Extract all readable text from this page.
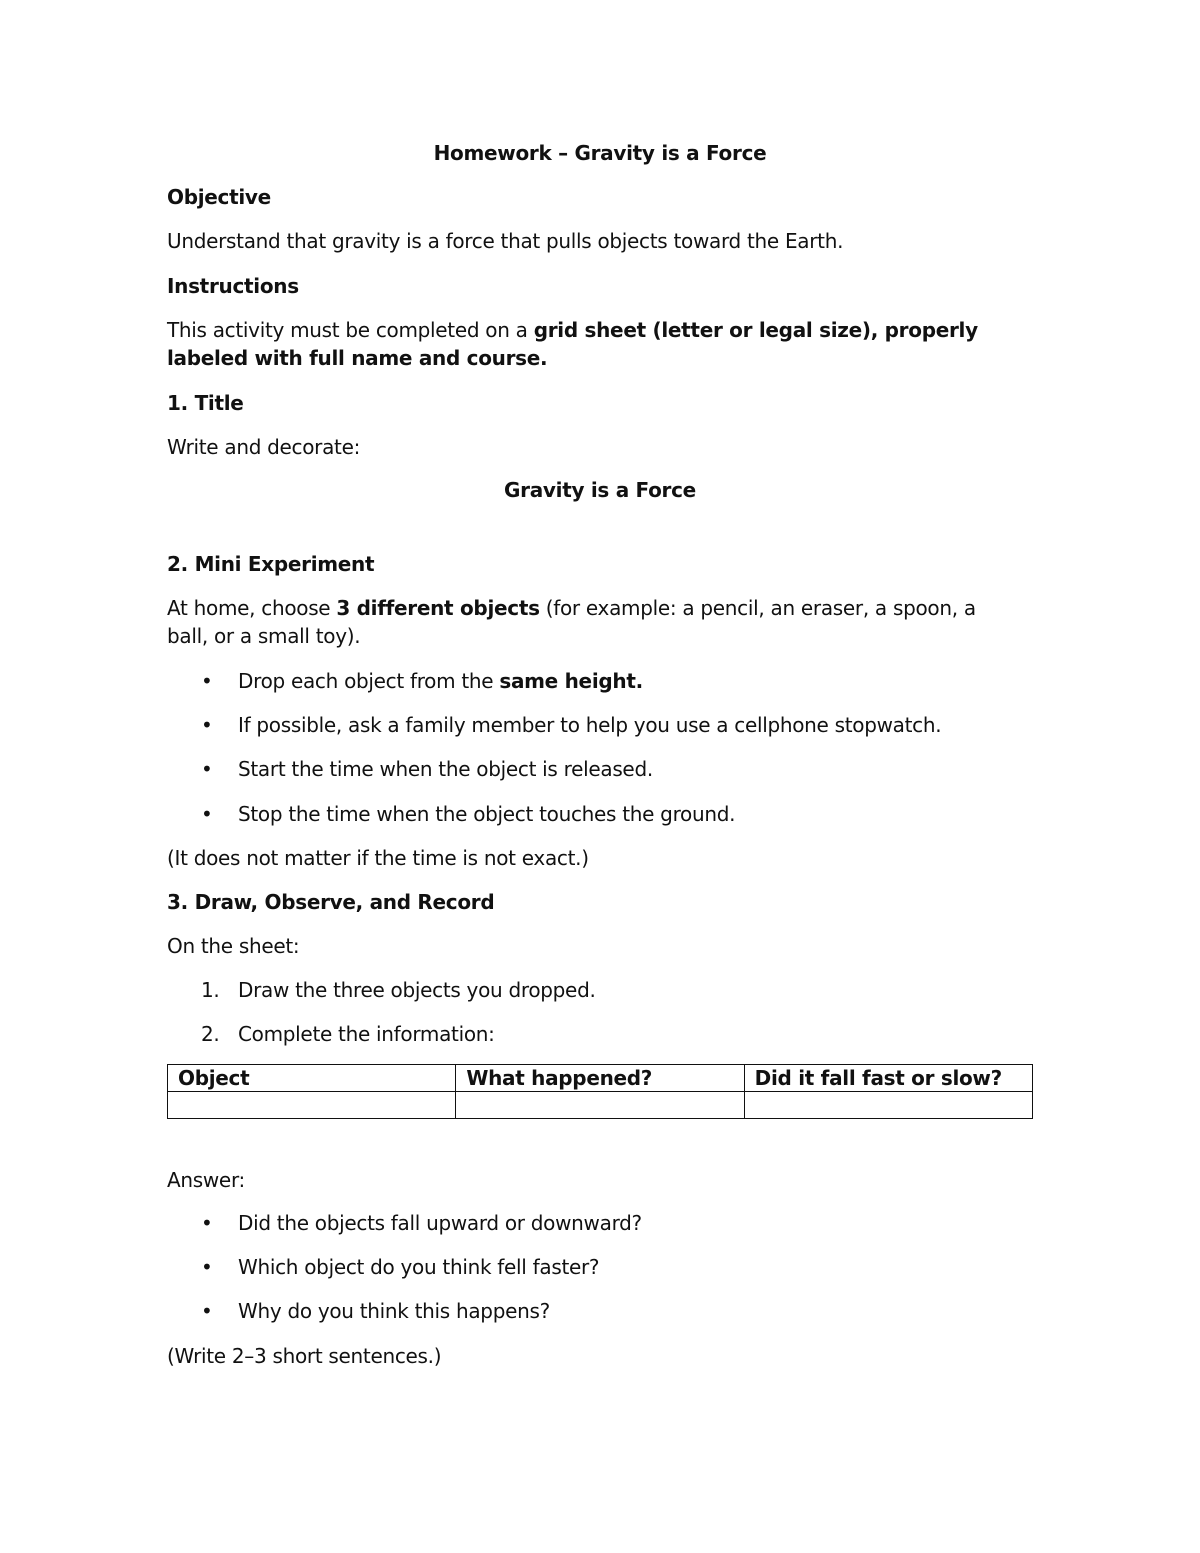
Homework – Gravity is a Force
Objective
Understand that gravity is a force that pulls objects toward the Earth.
Instructions
This activity must be completed on a grid sheet (letter or legal size), properly
labeled with full name and course.
1. Title
Write and decorate:
Gravity is a Force
2. Mini Experiment
At home, choose 3 different objects (for example: a pencil, an eraser, a spoon, a
ball, or a small toy).
•	Drop each object from the same height.
•	If possible, ask a family member to help you use a cellphone stopwatch.
•	Start the time when the object is released.
•	Stop the time when the object touches the ground.
(It does not matter if the time is not exact.)
3. Draw, Observe, and Record
On the sheet:
1. Draw the three objects you dropped.
2. Complete the information:
Object	What happened?	Did it fall fast or slow?

Answer:
•	Did the objects fall upward or downward?
•	Which object do you think fell faster?
•	Why do you think this happens?
(Write 2–3 short sentences.)
